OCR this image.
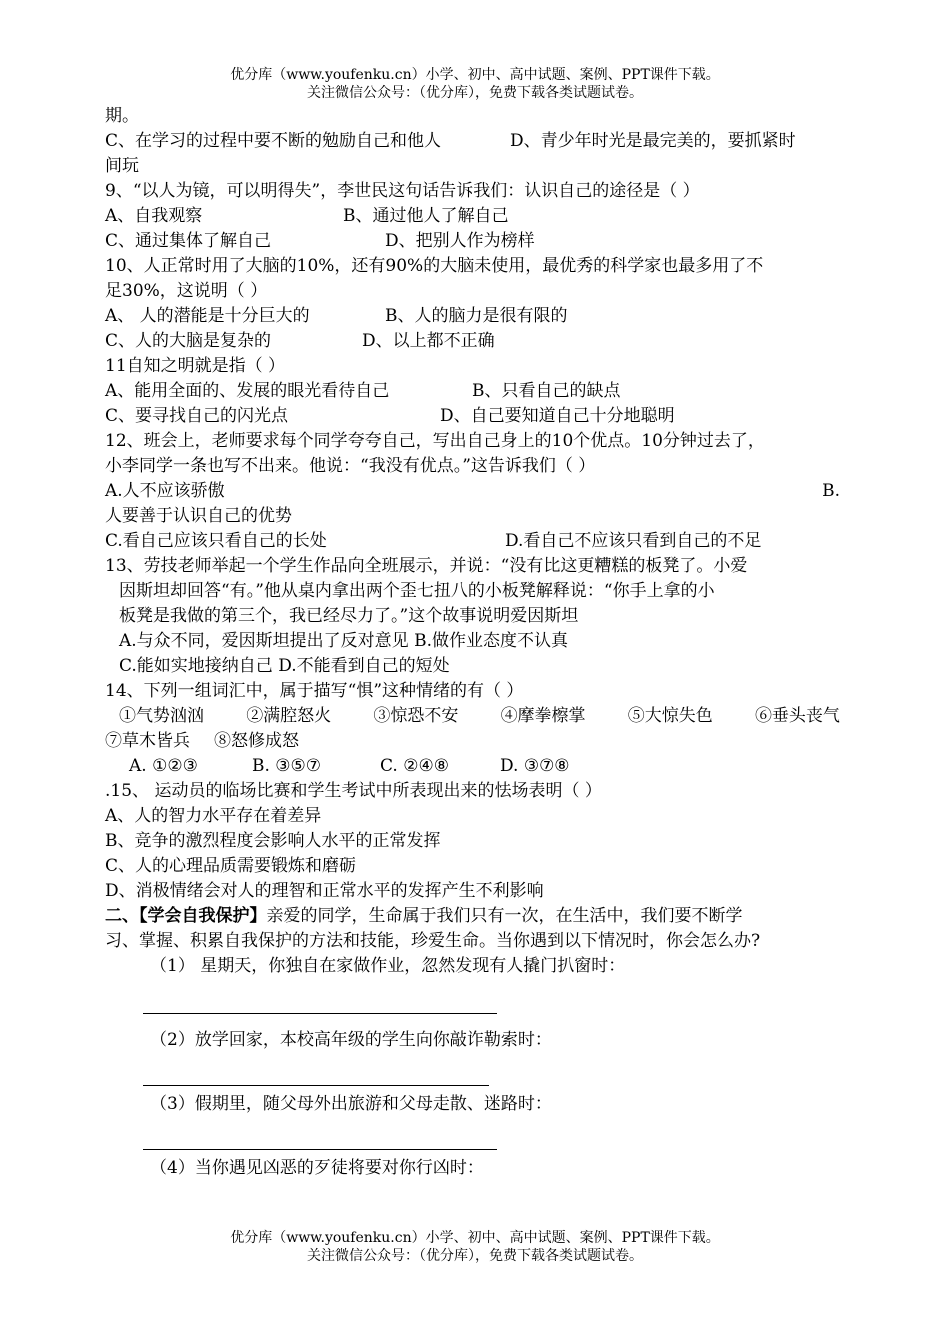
优分库（www.youfenku.cn）小学、初中、高中试题、案例、PPT课件下载。
关注微信公众号：（优分库），免费下载各类试题试卷。
期。
C、在学习的过程中要不断的勉励自己和他人	D、青少年时光是最完美的，要抓紧时
间玩
9、“以人为镜，可以明得失”，李世民这句话告诉我们：认识自己的途径是（ ）
A、自我观察	B、通过他人了解自己
C、通过集体了解自己	D、把别人作为榜样
10、人正常时用了大脑的10%，还有90%的大脑未使用，最优秀的科学家也最多用了不
足30%，这说明（ ）
A、 人的潜能是十分巨大的	B、人的脑力是很有限的
C、人的大脑是复杂的	D、以上都不正确
11自知之明就是指（ ）
A、能用全面的、发展的眼光看待自己	B、只看自己的缺点
C、要寻找自己的闪光点	D、自己要知道自己十分地聪明
12、班会上，老师要求每个同学夸夸自己，写出自己身上的10个优点。10分钟过去了，
小李同学一条也写不出来。他说：“我没有优点。”这告诉我们（ ）
A.人不应该骄傲	B.
人要善于认识自己的优势
C.看自己应该只看自己的长处	D.看自己不应该只看到自己的不足
13、劳技老师举起一个学生作品向全班展示，并说：“没有比这更糟糕的板凳了。小爱
因斯坦却回答“有。”他从桌内拿出两个歪七扭八的小板凳解释说：“你手上拿的小
板凳是我做的第三个，我已经尽力了。”这个故事说明爱因斯坦
A.与众不同，爱因斯坦提出了反对意见 B.做作业态度不认真
C.能如实地接纳自己 D.不能看到自己的短处
14、下列一组词汇中，属于描写“惧”这种情绪的有（ ）
①气势汹汹 ②满腔怒火 ③惊恐不安 ④摩拳檫掌 ⑤大惊失色 ⑥垂头丧气
⑦草木皆兵	⑧怒修成怒
A. ①②③	B. ③⑤⑦	C. ②④⑧	D. ③⑦⑧
.15、 运动员的临场比赛和学生考试中所表现出来的怯场表明（ ）
A、人的智力水平存在着差异
B、竞争的激烈程度会影响人水平的正常发挥
C、人的心理品质需要锻炼和磨砺
D、消极情绪会对人的理智和正常水平的发挥产生不利影响
二、【学会自我保护】亲爱的同学，生命属于我们只有一次，在生活中，我们要不断学
习、掌握、积累自我保护的方法和技能，珍爱生命。当你遇到以下情况时，你会怎么办?
（1） 星期天，你独自在家做作业，忽然发现有人撬门扒窗时：
（2）放学回家，本校高年级的学生向你敲诈勒索时：
（3）假期里，随父母外出旅游和父母走散、迷路时：
（4）当你遇见凶恶的歹徒将要对你行凶时：
优分库（www.youfenku.cn）小学、初中、高中试题、案例、PPT课件下载。
关注微信公众号：（优分库），免费下载各类试题试卷。
